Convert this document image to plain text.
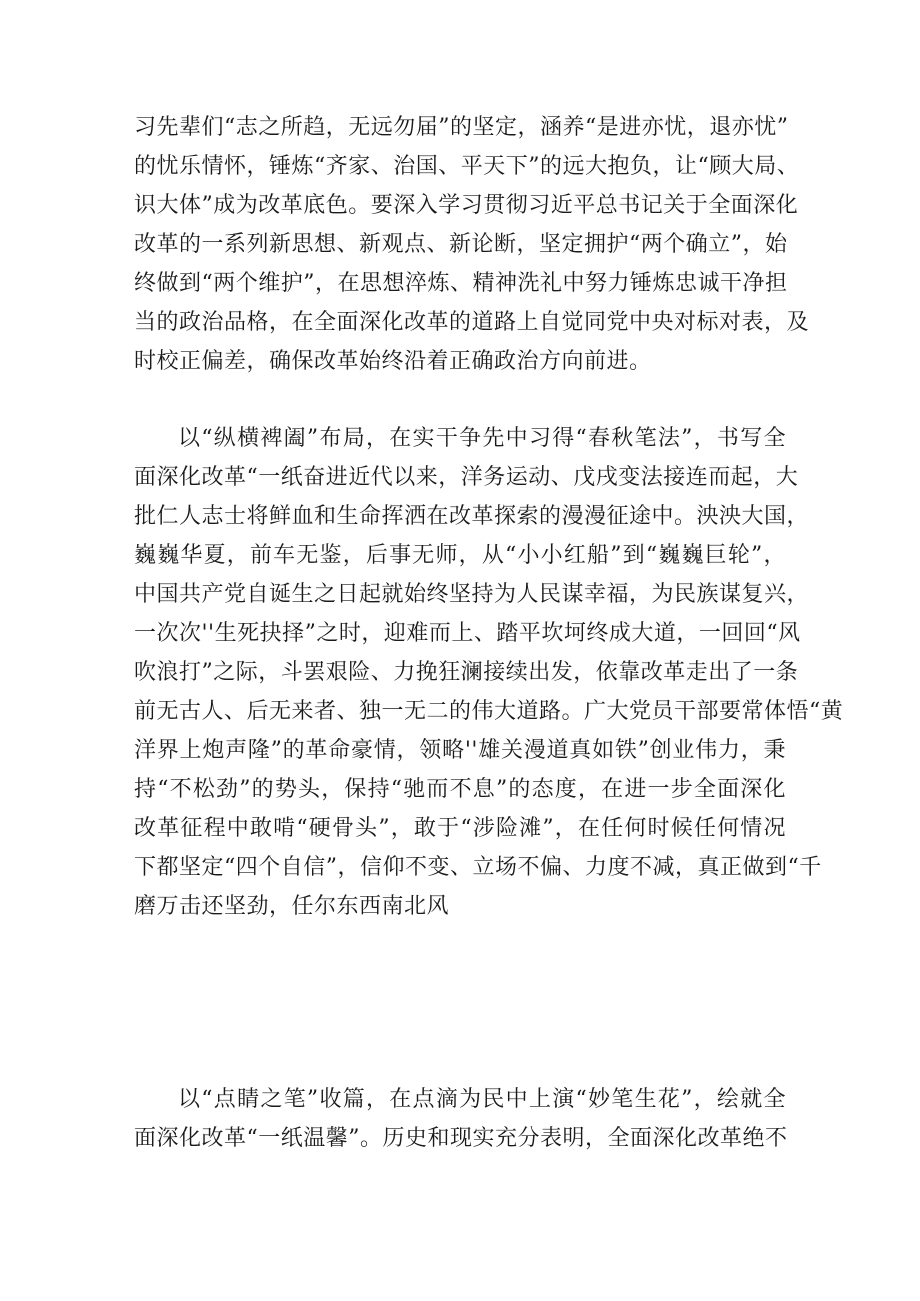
习先辈们“志之所趋，无远勿届”的坚定，涵养“是进亦忧，退亦忧”
的忧乐情怀，锤炼“齐家、治国、平天下”的远大抱负，让“顾大局、
识大体”成为改革底色。要深入学习贯彻习近平总书记关于全面深化
改革的一系列新思想、新观点、新论断，坚定拥护“两个确立”，始
终做到“两个维护”，在思想淬炼、精神洗礼中努力锤炼忠诚干净担
当的政治品格，在全面深化改革的道路上自觉同党中央对标对表，及
时校正偏差，确保改革始终沿着正确政治方向前进。
以“纵横裨阖”布局，在实干争先中习得“春秋笔法”，书写全
面深化改革“一纸奋进近代以来，洋务运动、戊戌变法接连而起，大
批仁人志士将鲜血和生命挥洒在改革探索的漫漫征途中。泱泱大国，
巍巍华夏，前车无鉴，后事无师，从“小小红船”到“巍巍巨轮”，
中国共产党自诞生之日起就始终坚持为人民谋幸福，为民族谋复兴，
一次次''生死抉择”之时，迎难而上、踏平坎坷终成大道，一回回“风
吹浪打”之际，斗罢艰险、力挽狂澜接续出发，依靠改革走出了一条
前无古人、后无来者、独一无二的伟大道路。广大党员干部要常体悟“黄
洋界上炮声隆”的革命豪情，领略''雄关漫道真如铁”创业伟力，秉
持“不松劲”的势头，保持“驰而不息”的态度，在进一步全面深化
改革征程中敢啃“硬骨头”，敢于“涉险滩”，在任何时候任何情况
下都坚定“四个自信”，信仰不变、立场不偏、力度不减，真正做到“千
磨万击还坚劲，任尔东西南北风
以“点睛之笔”收篇，在点滴为民中上演“妙笔生花”，绘就全
面深化改革“一纸温馨”。历史和现实充分表明，全面深化改革绝不
